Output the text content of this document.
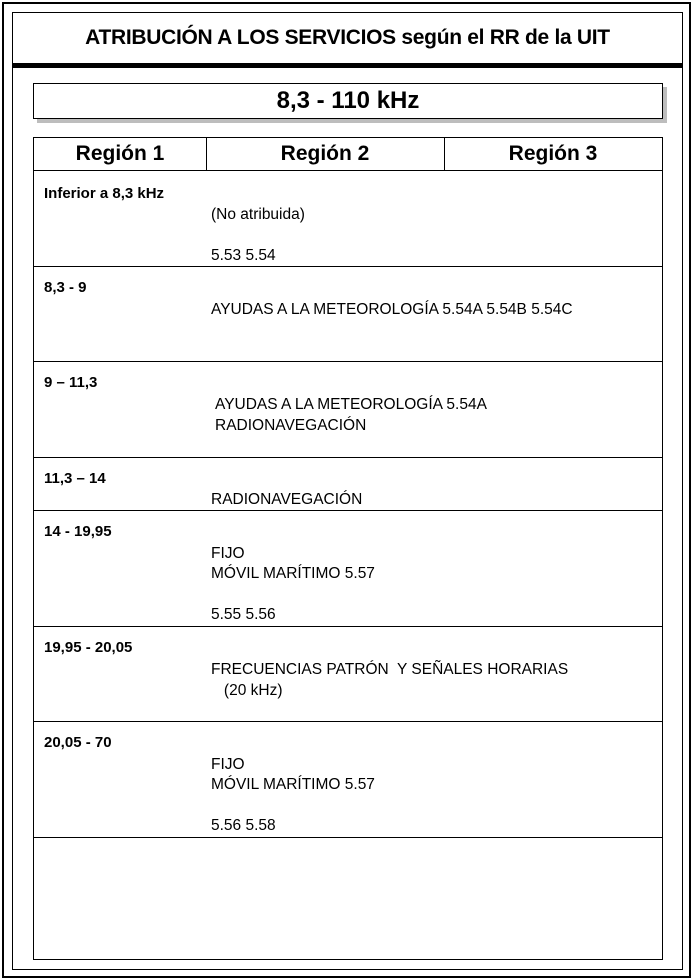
ATRIBUCIÓN A LOS SERVICIOS según el RR de la UIT
8,3 - 110 kHz
Región 1	Región 2	Región 3
Inferior a 8,3 kHz
(No atribuida)
5.53 5.54
8,3 - 9
AYUDAS A LA METEOROLOGÍA 5.54A 5.54B 5.54C
9 – 11,3
AYUDAS A LA METEOROLOGÍA 5.54A
RADIONAVEGACIÓN
11,3 – 14
RADIONAVEGACIÓN
14 - 19,95
FIJO
MÓVIL MARÍTIMO 5.57
5.55 5.56
19,95 - 20,05
FRECUENCIAS PATRÓN  Y SEÑALES HORARIAS
(20 kHz)
20,05 - 70
FIJO
MÓVIL MARÍTIMO 5.57
5.56 5.58
